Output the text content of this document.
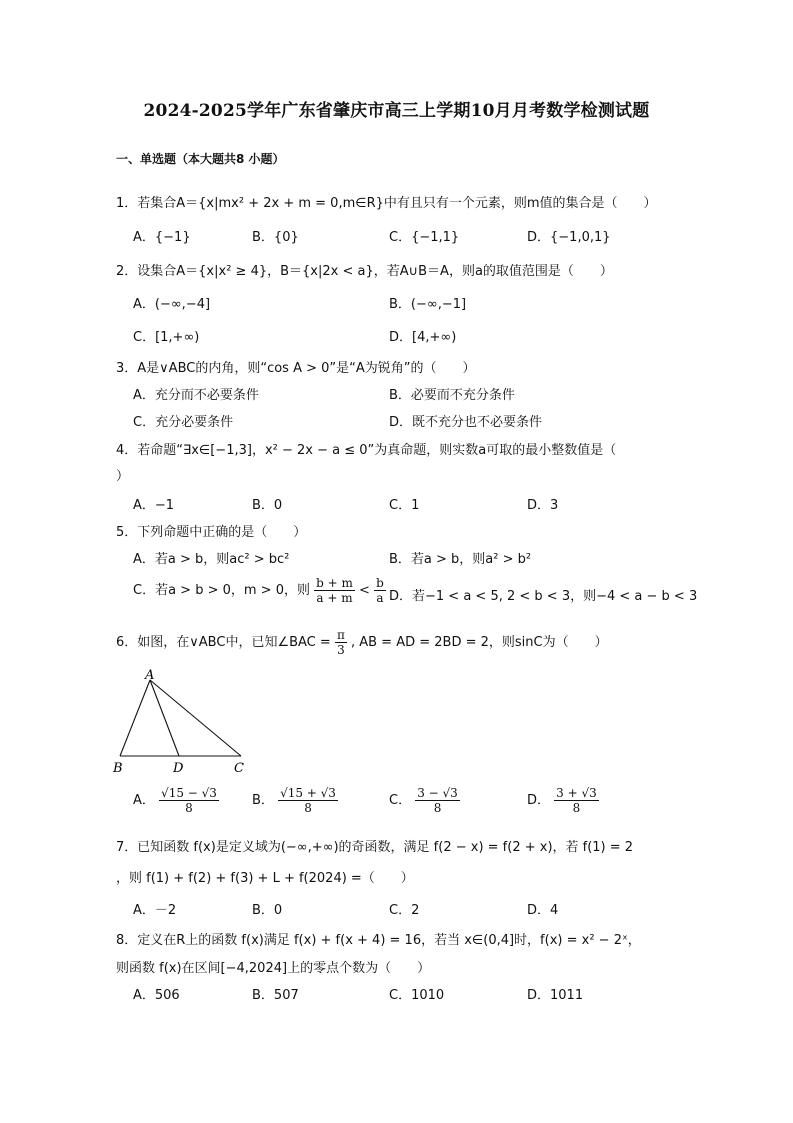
2024-2025学年广东省肇庆市高三上学期10月月考数学检测试题
一、单选题（本大题共8 小题）
1．若集合A＝{x|mx² + 2x + m = 0,m∈R}中有且只有一个元素，则m值的集合是（　　）
A．{−1}	B．{0}	C．{−1,1}	D．{−1,0,1}
2．设集合A＝{x|x² ≥ 4}，B＝{x|2x < a}，若A∪B＝A，则a的取值范围是（　　）
A．(−∞,−4]	B．(−∞,−1]
C．[1,+∞)	D．[4,+∞)
3．A是∨ABC的内角，则“cos A > 0”是“A为锐角”的（　　）
A．充分而不必要条件	B．必要而不充分条件
C．充分必要条件	D．既不充分也不必要条件
4．若命题“∃x∈[−1,3]，x² − 2x − a ≤ 0”为真命题，则实数a可取的最小整数值是（
）
A．−1	B．0	C．1	D．3
5．下列命题中正确的是（　　）
A．若a > b，则ac² > bc²	B．若a > b，则a² > b²
C．若a > b > 0，m > 0，则 $\frac{b + m}{a + m} < \frac{b}{a}$ D．若−1 < a < 5, 2 < b < 3，则−4 < a − b < 3
6．如图，在∨ABC中，已知∠BAC = $\frac{\pi}{3}$ , AB = AD = 2BD = 2，则sinC为（　　）
A
B	D	C
A． $\frac{√15 - √3}{8}$	B． $\frac{√15 + √3}{8}$	C． $\frac{3 - √3}{8}$	D． $\frac{3 + √3}{8}$
7．已知函数 f(x)是定义域为(−∞,+∞)的奇函数，满足 f(2 − x) = f(2 + x)，若 f(1) = 2
，则 f(1) + f(2) + f(3) + L + f(2024) =（　　）
A．－2	B．0	C．2	D．4
8．定义在R上的函数 f(x)满足 f(x) + f(x + 4) = 16，若当 x∈(0,4]时，f(x) = x² − 2ˣ，
则函数 f(x)在区间[−4,2024]上的零点个数为（　　）
A．506	B．507	C．1010	D．1011
